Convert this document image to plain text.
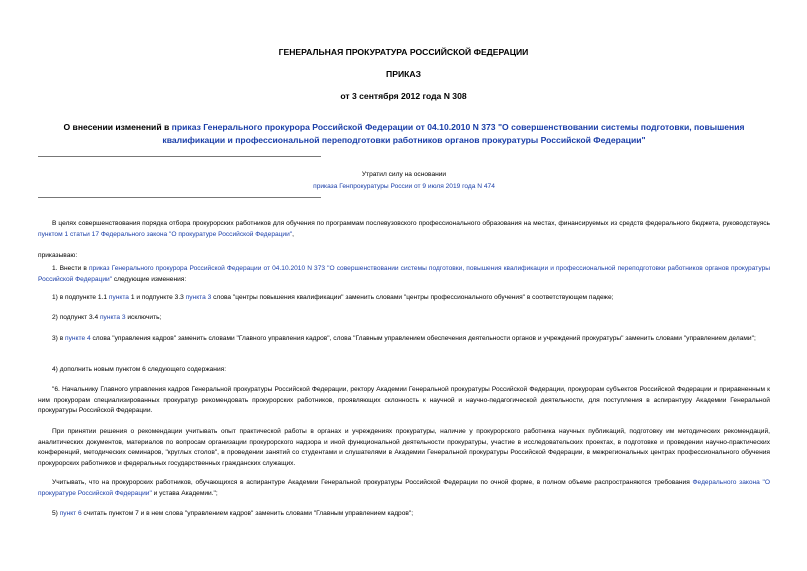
ГЕНЕРАЛЬНАЯ ПРОКУРАТУРА РОССИЙСКОЙ ФЕДЕРАЦИИ
ПРИКАЗ
от 3 сентября 2012 года N 308
О внесении изменений в приказ Генерального прокурора Российской Федерации от 04.10.2010 N 373 "О совершенствовании системы подготовки, повышения квалификации и профессиональной переподготовки работников органов прокуратуры Российской Федерации"
Утратил силу на основании
приказа Генпрокуратуры России от 9 июля 2019 года N 474
В целях совершенствования порядка отбора прокурорских работников для обучения по программам послевузовского профессионального образования на местах, финансируемых из средств федерального бюджета, руководствуясь пунктом 1 статьи 17 Федерального закона "О прокуратуре Российской Федерации",
приказываю:
1. Внести в приказ Генерального прокурора Российской Федерации от 04.10.2010 N 373 "О совершенствовании системы подготовки, повышения квалификации и профессиональной переподготовки работников органов прокуратуры Российской Федерации" следующие изменения:
1) в подпункте 1.1 пункта 1 и подпункте 3.3 пункта 3 слова "центры повышения квалификации" заменить словами "центры профессионального обучения" в соответствующем падеже;
2) подпункт 3.4 пункта 3 исключить;
3) в пункте 4 слова "управления кадров" заменить словами "Главного управления кадров", слова "Главным управлением обеспечения деятельности органов и учреждений прокуратуры" заменить словами "управлением делами";
4) дополнить новым пунктом 6 следующего содержания:
"6. Начальнику Главного управления кадров Генеральной прокуратуры Российской Федерации, ректору Академии Генеральной прокуратуры Российской Федерации, прокурорам субъектов Российской Федерации и приравненным к ним прокурорам специализированных прокуратур рекомендовать прокурорских работников, проявляющих склонность к научной и научно-педагогической деятельности, для поступления в аспирантуру Академии Генеральной прокуратуры Российской Федерации.
При принятии решения о рекомендации учитывать опыт практической работы в органах и учреждениях прокуратуры, наличие у прокурорского работника научных публикаций, подготовку им методических рекомендаций, аналитических документов, материалов по вопросам организации прокурорского надзора и иной функциональной деятельности прокуратуры, участие в исследовательских проектах, в подготовке и проведении научно-практических конференций, методических семинаров, "круглых столов", в проведении занятий со студентами и слушателями в Академии Генеральной прокуратуры Российской Федерации, в межрегиональных центрах профессионального обучения прокурорских работников и федеральных государственных гражданских служащих.
Учитывать, что на прокурорских работников, обучающихся в аспирантуре Академии Генеральной прокуратуры Российской Федерации по очной форме, в полном объеме распространяются требования Федерального закона "О прокуратуре Российской Федерации" и устава Академии.";
5) пункт 6 считать пунктом 7 и в нем слова "управлением кадров" заменить словами "Главным управлением кадров";
